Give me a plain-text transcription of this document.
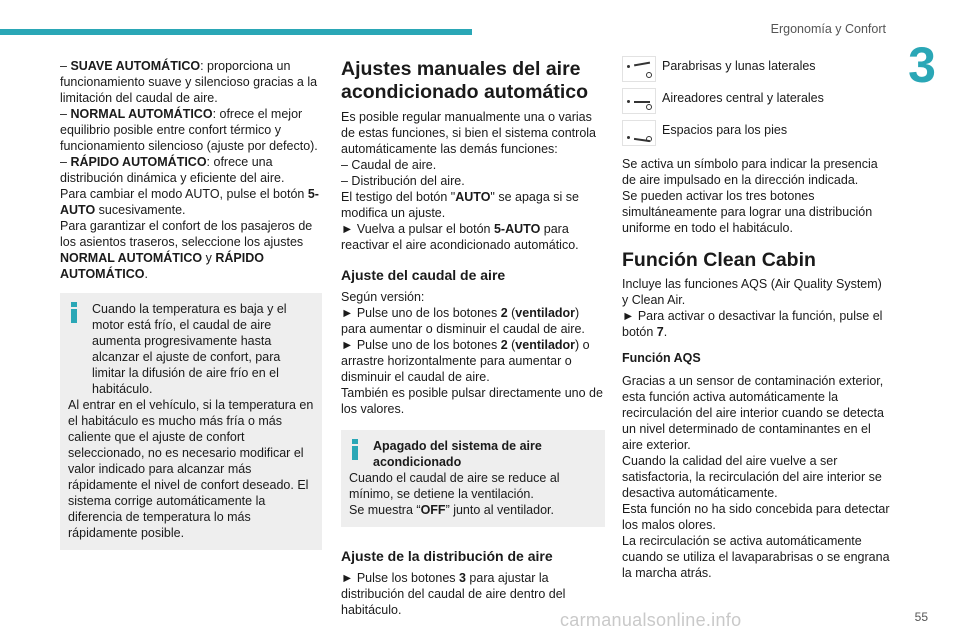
Ergonomía y Confort
3

– SUAVE AUTOMÁTICO: proporciona un funcionamiento suave y silencioso gracias a la limitación del caudal de aire.

– NORMAL AUTOMÁTICO: ofrece el mejor equilibrio posible entre confort térmico y funcionamiento silencioso (ajuste por defecto).

– RÁPIDO AUTOMÁTICO: ofrece una distribución dinámica y eficiente del aire.

Para cambiar el modo AUTO, pulse el botón 5-AUTO sucesivamente.

Para garantizar el confort de los pasajeros de los asientos traseros, seleccione los ajustes NORMAL AUTOMÁTICO y RÁPIDO AUTOMÁTICO.

Cuando la temperatura es baja y el motor está frío, el caudal de aire aumenta progresivamente hasta alcanzar el ajuste de confort, para limitar la difusión de aire frío en el habitáculo.

Al entrar en el vehículo, si la temperatura en el habitáculo es mucho más fría o más caliente que el ajuste de confort seleccionado, no es necesario modificar el valor indicado para alcanzar más rápidamente el nivel de confort deseado. El sistema corrige automáticamente la diferencia de temperatura lo más rápidamente posible.

Ajustes manuales del aire acondicionado automático

Es posible regular manualmente una o varias de estas funciones, si bien el sistema controla automáticamente las demás funciones:

– Caudal de aire.

– Distribución del aire.

El testigo del botón "AUTO" se apaga si se modifica un ajuste.

► Vuelva a pulsar el botón 5-AUTO para reactivar el aire acondicionado automático.

Ajuste del caudal de aire

Según versión:

► Pulse uno de los botones 2 (ventilador) para aumentar o disminuir el caudal de aire.

► Pulse uno de los botones 2 (ventilador) o arrastre horizontalmente para aumentar o disminuir el caudal de aire.

También es posible pulsar directamente uno de los valores.

Apagado del sistema de aire acondicionado

Cuando el caudal de aire se reduce al mínimo, se detiene la ventilación.

Se muestra “OFF” junto al ventilador.

Ajuste de la distribución de aire

► Pulse los botones 3 para ajustar la distribución del caudal de aire dentro del habitáculo.

Parabrisas y lunas laterales
Aireadores central y laterales
Espacios para los pies

Se activa un símbolo para indicar la presencia de aire impulsado en la dirección indicada.

Se pueden activar los tres botones simultáneamente para lograr una distribución uniforme en todo el habitáculo.

Función Clean Cabin

Incluye las funciones AQS (Air Quality System) y Clean Air.

► Para activar o desactivar la función, pulse el botón 7.

Función AQS

Gracias a un sensor de contaminación exterior, esta función activa automáticamente la recirculación del aire interior cuando se detecta un nivel determinado de contaminantes en el aire exterior.

Cuando la calidad del aire vuelve a ser satisfactoria, la recirculación del aire interior se desactiva automáticamente.

Esta función no ha sido concebida para detectar los malos olores.

La recirculación se activa automáticamente cuando se utiliza el lavaparabrisas o se engrana la marcha atrás.

carmanualsonline.info	55
